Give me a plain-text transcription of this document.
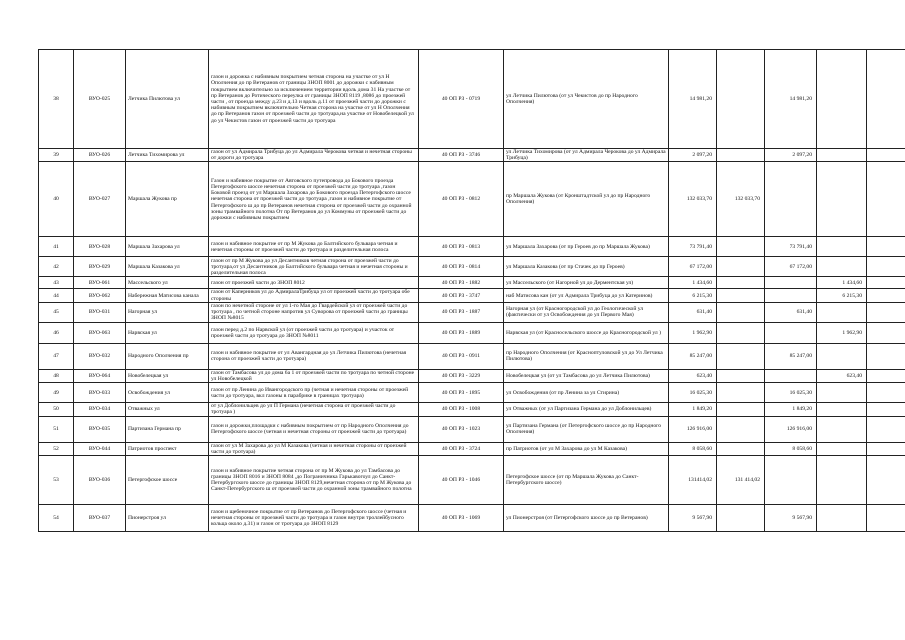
38	ВУО-025	Летчика Пилютова ул	газон и дорожка с набивным покрытием четная сторона на участке от ул Н Ополчения до пр Ветеранов от границы ЗНОП 8001 до дорожки с набивным покрытием включительно за исключением территории вдоль дома 31 На участке от пр Ветеранов до Ротического переулка от границы ЗНОП 8119 ,8086 до проезжей части , от проезда между д.23 и д.13 и вдоль д.11 от проезжей части до дорожки с набивным покрытием включительно Четная сторона на участке от ул Н Ополчения до пр Ветеранов газон от проезжей части до тротуара,на участке от Новобелецкой ул до ул Чекистов газон от проезжей части до тротуара	40 ОП РЗ - 0719	ул Летчика Пилютова (от ул Чекистов до пр Народного Ополчения)	14 981,20		14 981,20			
39	ВУО-026	Летчика Тихомирова ул	газон от ул Адмирала Трибуца до ул Адмирала Черокова четная и нечетная стороны от дороги до тротуара	40 ОП РЗ - 3746	ул Летчика Тихомирова (от ул Адмирала Черокова до ул Адмирала Трибуца)	2 097,20		2 097,20			
40	ВУО-027	Маршала Жукова пр	Газон и набивное покрытие от Автовского путепровода до Бокового проезда Петергофского шоссе нечетная сторона от проезжей части до тротуара ,газон Боковой проезд от ул Маршала Захарова до Бокового проезда Петергофского шоссе нечетная сторона от проезжей части до тротуара ,газон и набивное покрытие от Петергофского ш до пр Ветеранов нечетная сторона от проезжей части до охранной зоны трамвайного полотна От пр Ветеранов до ул Коммуны от проезжей части до дорожки с набивным покрытием	40 ОП РЗ - 0812	пр Маршала Жукова (от Кронштадтской ул до пр Народного Ополчения)	132 033,70	132 033,70				
41	ВУО-028	Маршала Захарова ул	газон и набивное покрытие от пр М Жукова до Балтийского бульвара четная и нечетная стороны от проезжей части до тротуара и разделительная полоса	40 ОП РЗ - 0813	ул Маршала Захарова (от пр Героев до пр Маршала Жукова)	73 791,40		73 791,40			
42	ВУО-029	Маршала Казакова ул	газон от пр М Жукова до ул Десантников четная сторона от проезжей части до тротуара,от ул Десантников до Балтийского бульвара четная и нечетная стороны и разделительная полоса	40 ОП РЗ - 0814	ул Маршала Казакова (от пр Стачек до пр Героев)	67 172,00		67 172,00			
43	ВУО-061	Массельского ул	газон от проезжей части до ЗНОП 8012	40 ОП РЗ - 1882	ул Массельского (от Нагорной ул до Дерментская ул)	1 434,60			1 434,60		
44	ВУО-062	Набережная Матисова канала	газон от Каперников ул до АдмиралаТрибуца ул от проезжей части до тротуара обе стороны	40 ОП РЗ - 3747	наб Матисова кан (от ул Адмирала Трибуца до ул Катеринов)	6 215,30			6 215,30		
45	ВУО-031	Нагорная ул	газон по нечетной стороне от ул 1-го Мая до Гвардейской ул от проезжей части до тротуара , по четной стороне напротив ул Суворова от проезжей части до границы ЗНОП №8015	40 ОП РЗ - 1887	Нагорная ул (от Красногородской ул до Геологической ул (фактически от ул Освобождения до ул Первого Мая)	631,40		631,40			
46	ВУО-063	Нарвская ул	газон перед д.2 по Нарвской ул (от проезжей части до тротуара) и участок от проезжей части до тротуара до ЗНОП №8011	40 ОП РЗ - 1889	Нарвская ул (от Красносельского шоссе до Красногородской ул )	1 962,90			1 962,90		
47	ВУО-032	Народного Ополчения пр	газон и набивное покрытие от ул Авангардная до ул Летчика Пилютова (нечетная сторона от проезжей части до тротуара)	40 ОП РЗ - 0911	пр Народного Ополчения (от Красноптуловской ул до Ул Летчика Пилютова)	85 247,00		85 247,00			
48	ВУО-064	Новобелецкая ул	газон от Тамбасова ул до дома 6а 1 от проезжей части по тротуара по четной стороне ул Новобелецкой	40 ОП РЗ - 3229	Новобелецкая ул (от ул Тамбасова до ул Летчика Пилютова)	623,40			623,40		
49	ВУО-033	Освобождения ул	газон от пр Ленина до Ивангородского пр (четная и нечетная стороны от проезжей части до тротуара, вкл газоны в парабрике в границах тротуара)	40 ОП РЗ - 1895	ул Освобождения (от пр Ленина за ул Стирина)	16 025,30		16 025,30			
50	ВУО-034	Отважных ул	от ул Доблонильцев до ул П Германа (нечетная сторона от проезжей части до тротуара )	40 ОП РЗ - 1008	ул Отважных (от ул Партизана Германа до ул Доблонильцев)	1 849,20		1 849,20			
51	ВУО-035	Партизана Германа пр	газон и дорожки,площадки с набивным покрытием от пр Народного Ополчения до Петергофского шоссе (четная и нечетная стороны от проезжей части до тротуара)	40 ОП РЗ - 1023	ул Партизана Германа (от Петергофского шоссе до пр Народного Ополчения)	126 916,00		126 916,00			
52	ВУО-044	Патриотов проспект	газон от ул М Захарова до ул М Казакова (четная и нечетная стороны от проезжей части до тротуара)	40 ОП РЗ - 3724	пр Патриотов (от ул М Захарова до ул М Казакова)	8 058,60		8 058,60			
53	ВУО-036	Петергофское шоссе	газон и набивное покрытие четная сторона от пр М Жукова до ул Тамбасова до границы ЗНОП 8016 и ЗНОП 8084 ,до Пограничника Гарькавогоул до Санкт-Петербургского шоссе до границы ЗНОП 8129,нечетная сторона от пр М Жукова до Санкт-Петербургского ш от проезжей части до охранной зоны трамвайного полотна	40 ОП РЗ - 1046	Петергофское шоссе (от пр Маршала Жукова до Санкт-Петербургского шоссе)	131414,02	131 414,02				
54	ВУО-037	Пионерстроя ул	газон и щебеночное покрытие от пр Ветеранов до Петергофского шоссе (четная и нечетная стороны от проезжей части до тротуара и газон внутри троллейбусного кольца около д.31) и газон от тротуара до ЗНОП 8129	40 ОП РЗ - 1069	ул Пионерстроя (от Петергофского шоссе до пр Ветеранов)	9 567,90		9 567,90			
